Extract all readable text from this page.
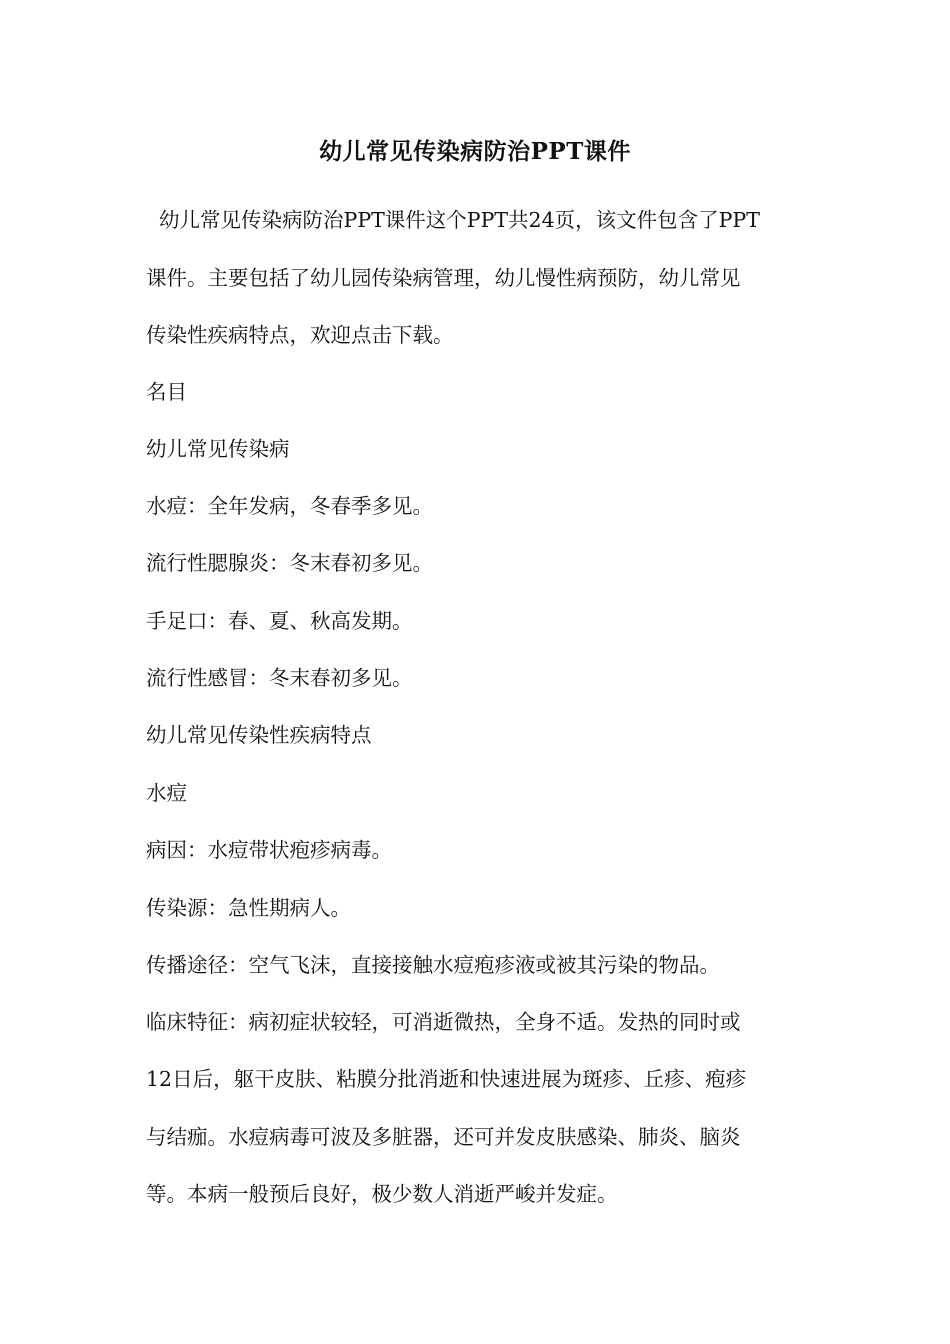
幼儿常见传染病防治PPT课件

幼儿常见传染病防治PPT课件这个PPT共24页，该文件包含了PPT
课件。主要包括了幼儿园传染病管理，幼儿慢性病预防，幼儿常见
传染性疾病特点，欢迎点击下载。

名目

幼儿常见传染病

水痘：全年发病，冬春季多见。

流行性腮腺炎：冬末春初多见。

手足口：春、夏、秋高发期。

流行性感冒：冬末春初多见。

幼儿常见传染性疾病特点

水痘

病因：水痘带状疱疹病毒。

传染源：急性期病人。

传播途径：空气飞沫，直接接触水痘疱疹液或被其污染的物品。

临床特征：病初症状较轻，可消逝微热，全身不适。发热的同时或
12日后，躯干皮肤、粘膜分批消逝和快速进展为斑疹、丘疹、疱疹
与结痂。水痘病毒可波及多脏器，还可并发皮肤感染、肺炎、脑炎
等。本病一般预后良好，极少数人消逝严峻并发症。
